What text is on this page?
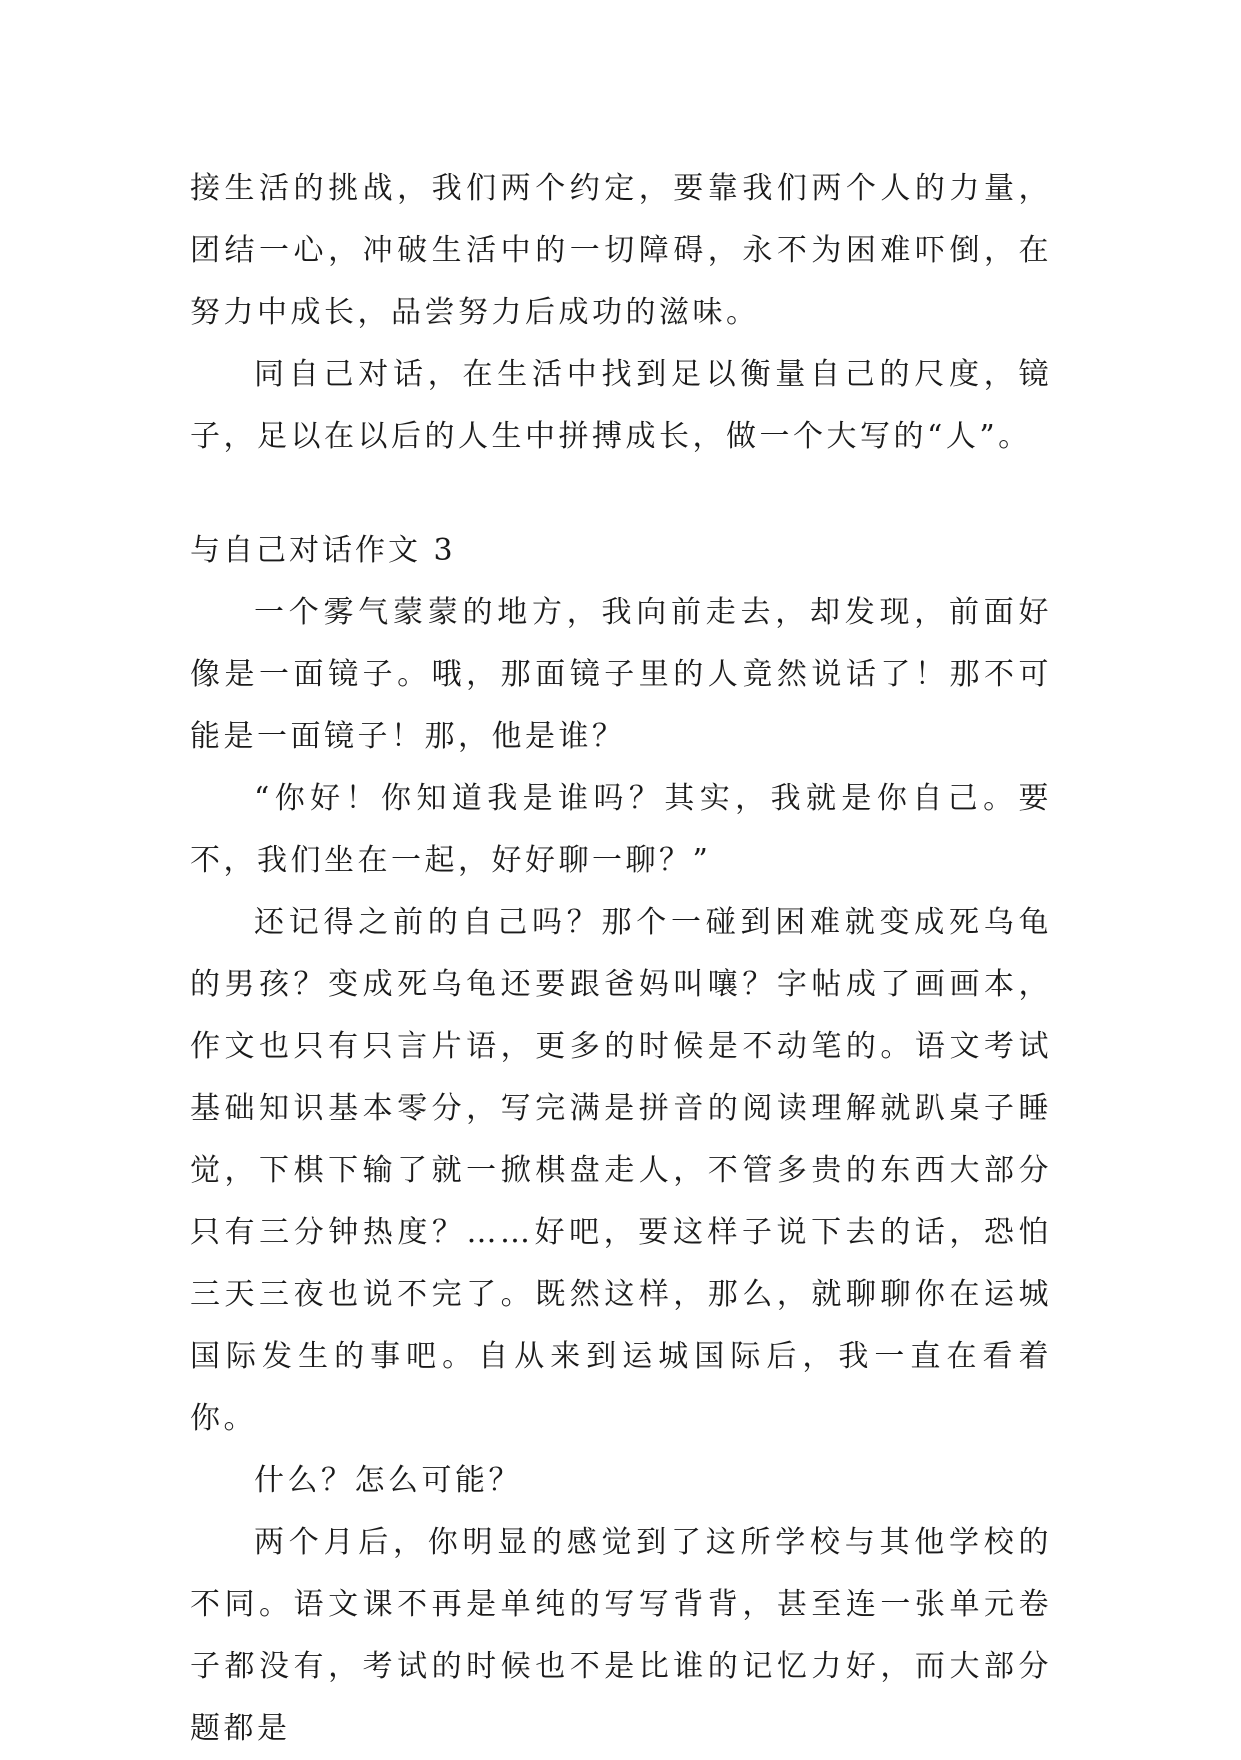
接生活的挑战，我们两个约定，要靠我们两个人的力量，团结一心，冲破生活中的一切障碍，永不为困难吓倒，在努力中成长，品尝努力后成功的滋味。

同自己对话，在生活中找到足以衡量自己的尺度，镜子，足以在以后的人生中拼搏成长，做一个大写的“人”。

与自己对话作文 3

一个雾气蒙蒙的地方，我向前走去，却发现，前面好像是一面镜子。哦，那面镜子里的人竟然说话了！那不可能是一面镜子！那，他是谁？

“你好！你知道我是谁吗？其实，我就是你自己。要不，我们坐在一起，好好聊一聊？”

还记得之前的自己吗？那个一碰到困难就变成死乌龟的男孩？变成死乌龟还要跟爸妈叫嚷？字帖成了画画本，作文也只有只言片语，更多的时候是不动笔的。语文考试基础知识基本零分，写完满是拼音的阅读理解就趴桌子睡觉，下棋下输了就一掀棋盘走人，不管多贵的东西大部分只有三分钟热度？……好吧，要这样子说下去的话，恐怕三天三夜也说不完了。既然这样，那么，就聊聊你在运城国际发生的事吧。自从来到运城国际后，我一直在看着你。

什么？怎么可能？

两个月后，你明显的感觉到了这所学校与其他学校的不同。语文课不再是单纯的写写背背，甚至连一张单元卷子都没有，考试的时候也不是比谁的记忆力好，而大部分题都是
